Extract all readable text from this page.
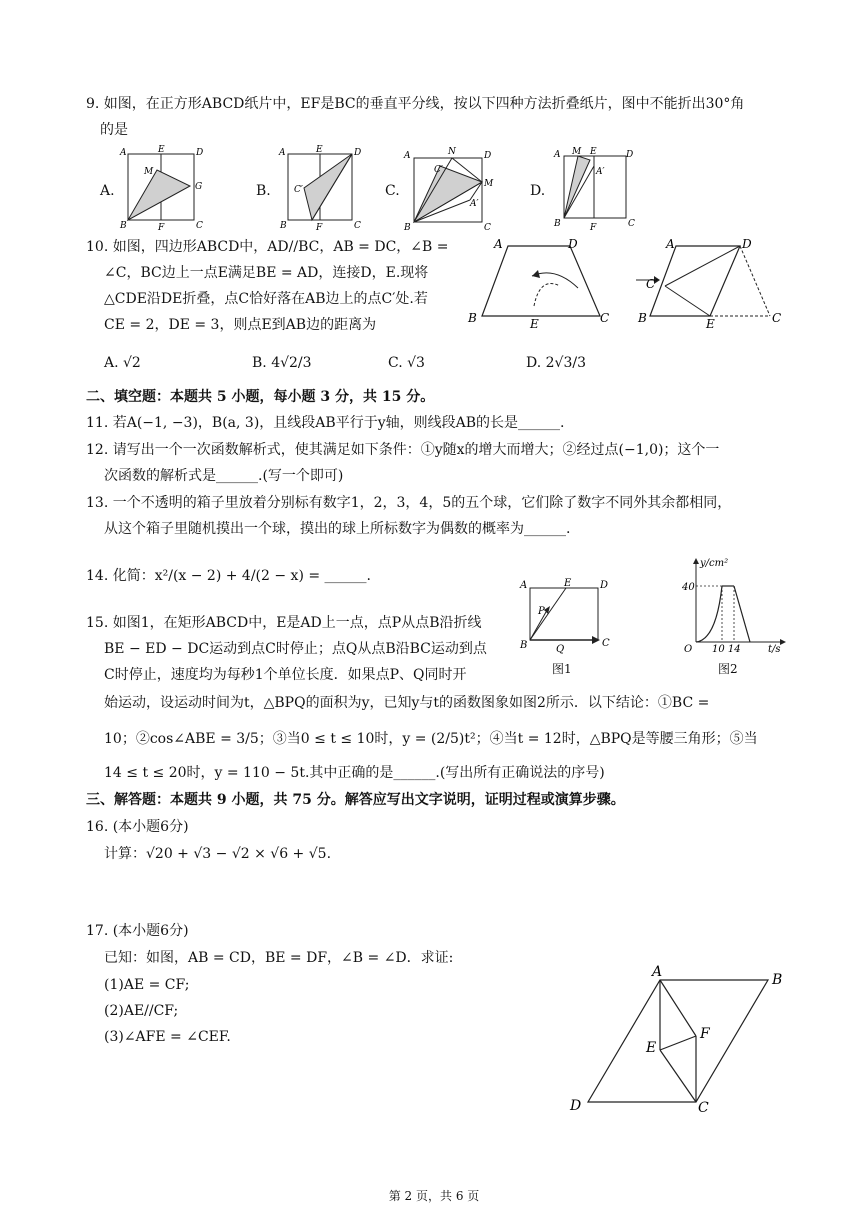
9. 如图，在正方形ABCD纸片中，EF是BC的垂直平分线，按以下四种方法折叠纸片，图中不能折出30°角
的是
A.	B.	C.	D.
A	E	D
M
G
B	F	C
A	E	D
C′
B	F	C
A	N	D
C′
M
A′
B	C
A M E	D
A′
B	F	C
10. 如图，四边形ABCD中，AD//BC，AB = DC，∠B =
∠C，BC边上一点E满足BE = AD，连接D，E.现将
△CDE沿DE折叠，点C恰好落在AB边上的点C′处.若
CE = 2，DE = 3，则点E到AB边的距离为
A. √2	B. 4√2/3	C. √3	D. 2√3/3
A	D
B	E	C
A	D
C′
B	E	C
二、填空题：本题共 5 小题，每小题 3 分，共 15 分。
11. 若A(−1, −3)，B(a, 3)，且线段AB平行于y轴，则线段AB的长是______.
12. 请写出一个一次函数解析式，使其满足如下条件：①y随x的增大而增大；②经过点(−1,0)；这个一
次函数的解析式是______.(写一个即可)
13. 一个不透明的箱子里放着分别标有数字1，2，3，4，5的五个球，它们除了数字不同外其余都相同，
从这个箱子里随机摸出一个球，摸出的球上所标数字为偶数的概率为______.
14. 化简：x²/(x − 2) + 4/(2 − x) = ______.
A	E	D
P
B	Q
C
图1
y/cm²
40
O 10 14	t/s
图2
15. 如图1，在矩形ABCD中，E是AD上一点，点P从点B沿折线
BE − ED − DC运动到点C时停止；点Q从点B沿BC运动到点
C时停止，速度均为每秒1个单位长度．如果点P、Q同时开
始运动，设运动时间为t，△BPQ的面积为y，已知y与t的函数图象如图2所示．以下结论：①BC =
10；②cos∠ABE = 3/5；③当0 ≤ t ≤ 10时，y = (2/5)t²；④当t = 12时，△BPQ是等腰三角形；⑤当
14 ≤ t ≤ 20时，y = 110 − 5t.其中正确的是______.(写出所有正确说法的序号)
三、解答题：本题共 9 小题，共 75 分。解答应写出文字说明，证明过程或演算步骤。
16. (本小题6分)
计算：√20 + √3 − √2 × √6 + √5.
17. (本小题6分)
已知：如图，AB = CD，BE = DF，∠B = ∠D．求证:
(1)AE = CF;
(2)AE//CF;
(3)∠AFE = ∠CEF.
A	B
E
F
D	C
第 2 页，共 6 页
